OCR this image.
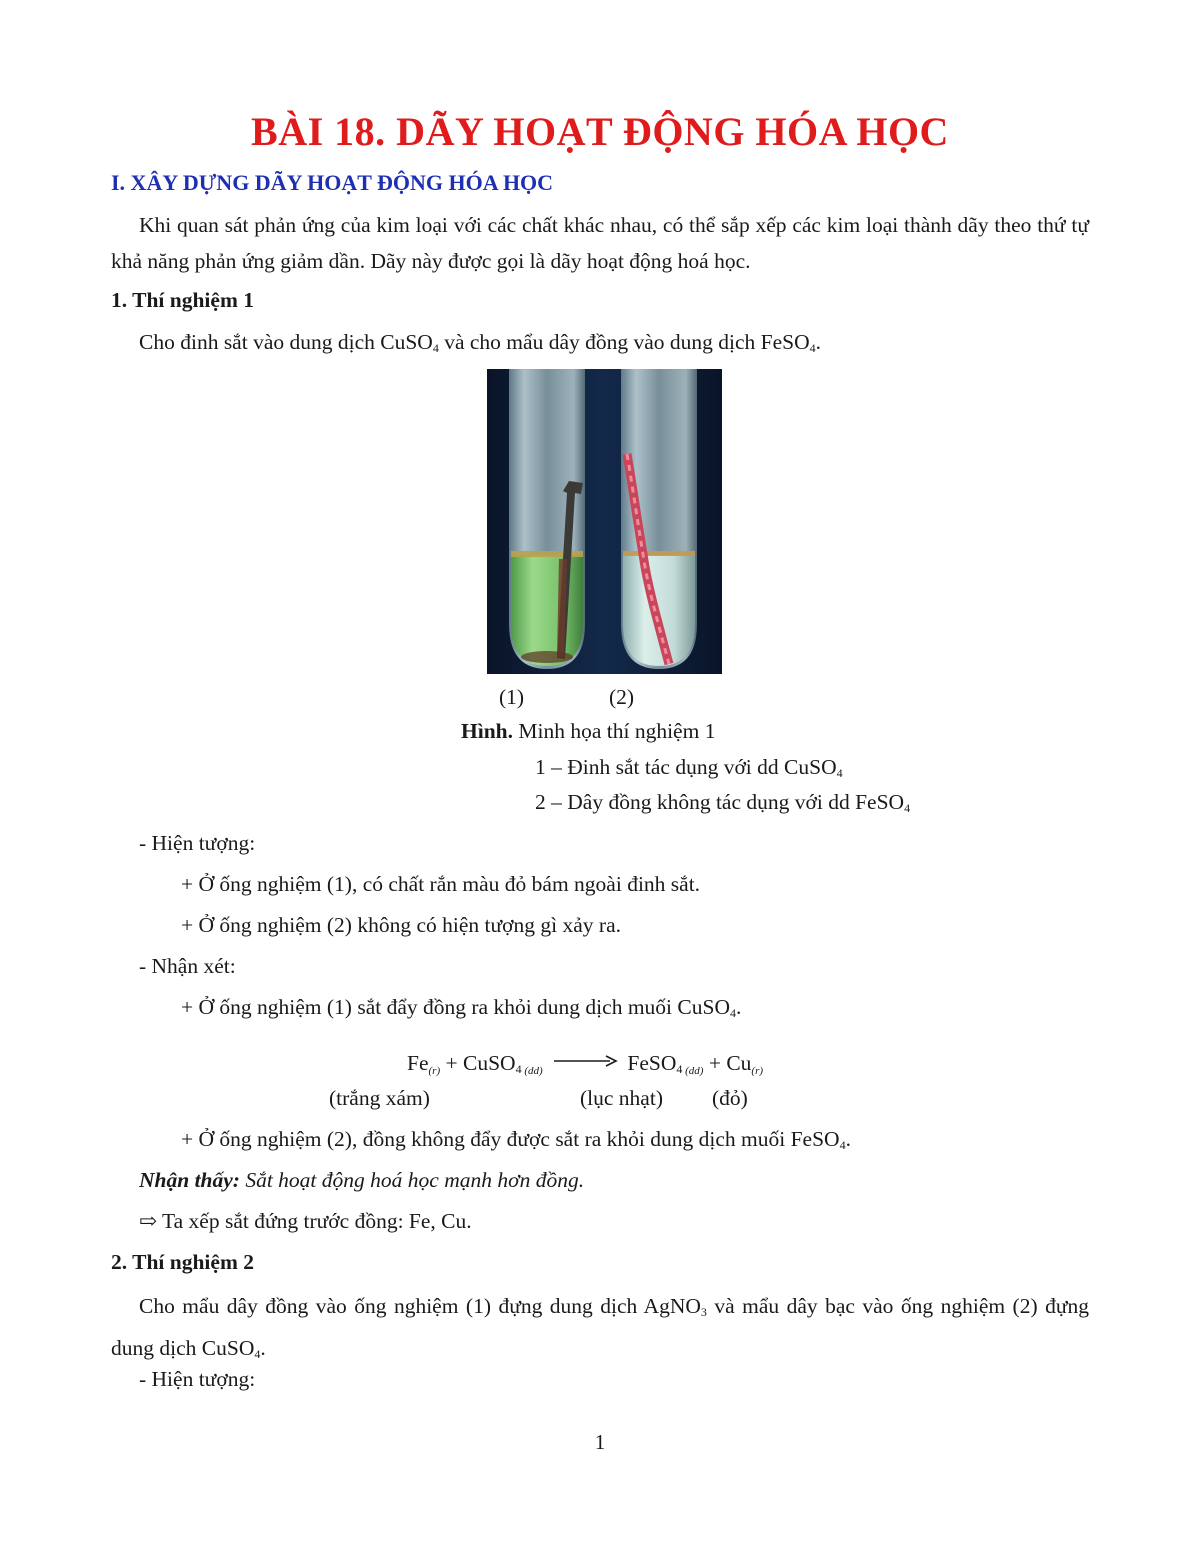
BÀI 18. DÃY HOẠT ĐỘNG HÓA HỌC
I. XÂY DỰNG DÃY HOẠT ĐỘNG HÓA HỌC
Khi quan sát phản ứng của kim loại với các chất khác nhau, có thể sắp xếp các kim loại thành dãy theo thứ tự khả năng phản ứng giảm dần. Dãy này được gọi là dãy hoạt động hoá học.
1. Thí nghiệm 1
Cho đinh sắt vào dung dịch CuSO$_4$ và cho mẩu dây đồng vào dung dịch FeSO$_4$.
(1)	(2)
Hình. Minh họa thí nghiệm 1
1 – Đinh sắt tác dụng với dd CuSO$_4$
2 – Dây đồng không tác dụng với dd FeSO$_4$
- Hiện tượng:
+ Ở ống nghiệm (1), có chất rắn màu đỏ bám ngoài đinh sắt.
+ Ở ống nghiệm (2) không có hiện tượng gì xảy ra.
- Nhận xét:
+ Ở ống nghiệm (1) sắt đẩy đồng ra khỏi dung dịch muối CuSO$_4$.
Fe(r) + CuSO$_4$ (dd) → FeSO$_4$ (dd) + Cu(r)
(trắng xám)	(lục nhạt) (đỏ)
+ Ở ống nghiệm (2), đồng không đẩy được sắt ra khỏi dung dịch muối FeSO$_4$.
Nhận thấy: Sắt hoạt động hoá học mạnh hơn đồng.
⇨ Ta xếp sắt đứng trước đồng: Fe, Cu.
2. Thí nghiệm 2
Cho mẩu dây đồng vào ống nghiệm (1) đựng dung dịch AgNO$_3$ và mẩu dây bạc vào ống nghiệm (2) đựng dung dịch CuSO$_4$.
- Hiện tượng:
1
